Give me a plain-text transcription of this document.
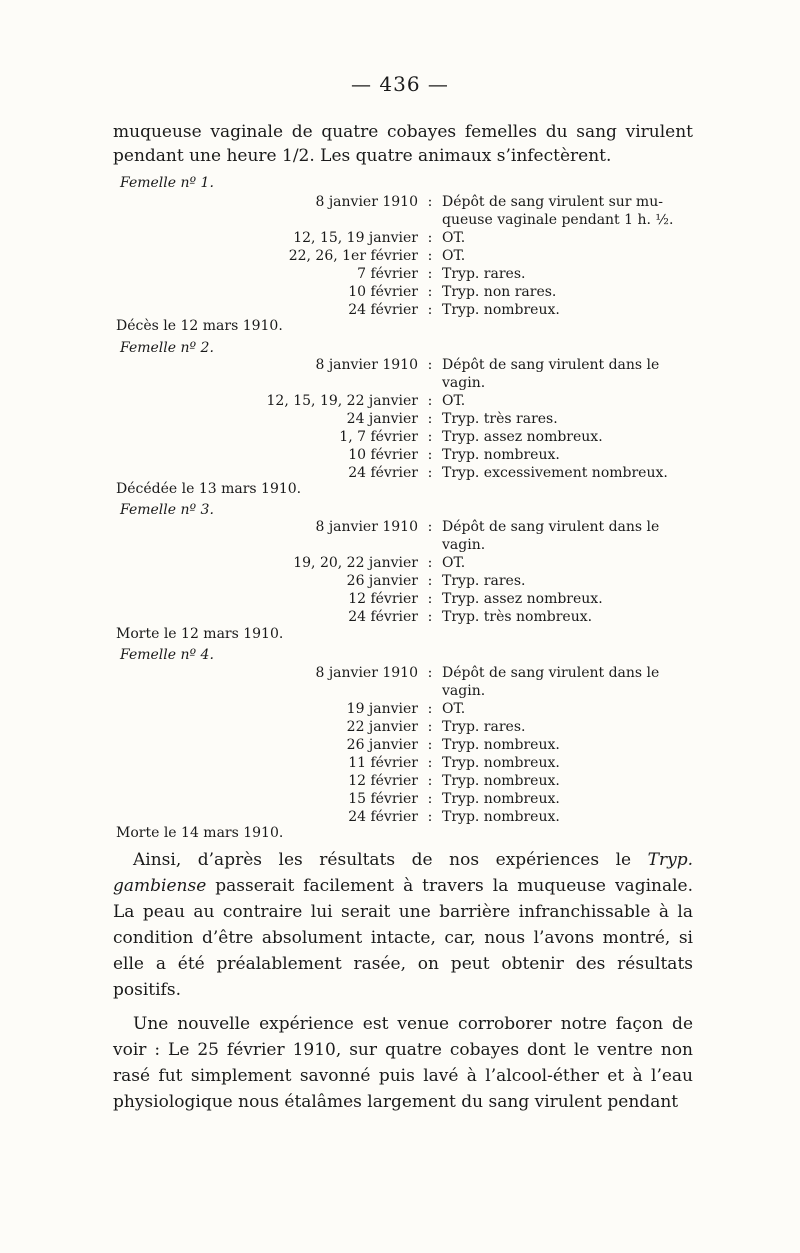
— 436 —

muqueuse vaginale de quatre cobayes femelles du sang virulent pendant une heure 1/2. Les quatre animaux s’infectèrent.

Femelle nº 1.
8 janvier 1910 : Dépôt de sang virulent sur mu-
queuse vaginale pendant 1 h. ½.
12, 15, 19 janvier : OT.
22, 26, 1er février : OT.
7 février : Tryp. rares.
10 février : Tryp. non rares.
24 février : Tryp. nombreux.
Décès le 12 mars 1910.
Femelle nº 2.
8 janvier 1910 : Dépôt de sang virulent dans le
vagin.
12, 15, 19, 22 janvier : OT.
24 janvier : Tryp. très rares.
1, 7 février : Tryp. assez nombreux.
10 février : Tryp. nombreux.
24 février : Tryp. excessivement nombreux.
Décédée le 13 mars 1910.
Femelle nº 3.
8 janvier 1910 : Dépôt de sang virulent dans le
vagin.
19, 20, 22 janvier : OT.
26 janvier : Tryp. rares.
12 février : Tryp. assez nombreux.
24 février : Tryp. très nombreux.
Morte le 12 mars 1910.
Femelle nº 4.
8 janvier 1910 : Dépôt de sang virulent dans le
vagin.
19 janvier : OT.
22 janvier : Tryp. rares.
26 janvier : Tryp. nombreux.
11 février : Tryp. nombreux.
12 février : Tryp. nombreux.
15 février : Tryp. nombreux.
24 février : Tryp. nombreux.
Morte le 14 mars 1910.

Ainsi, d’après les résultats de nos expériences le Tryp. gambiense passerait facilement à travers la muqueuse vaginale. La peau au contraire lui serait une barrière infranchissable à la condition d’être absolument intacte, car, nous l’avons montré, si elle a été préalablement rasée, on peut obtenir des résultats positifs.

Une nouvelle expérience est venue corroborer notre façon de voir : Le 25 février 1910, sur quatre cobayes dont le ventre non rasé fut simplement savonné puis lavé à l’alcool-éther et à l’eau physiologique nous étalâmes largement du sang virulent pendant
